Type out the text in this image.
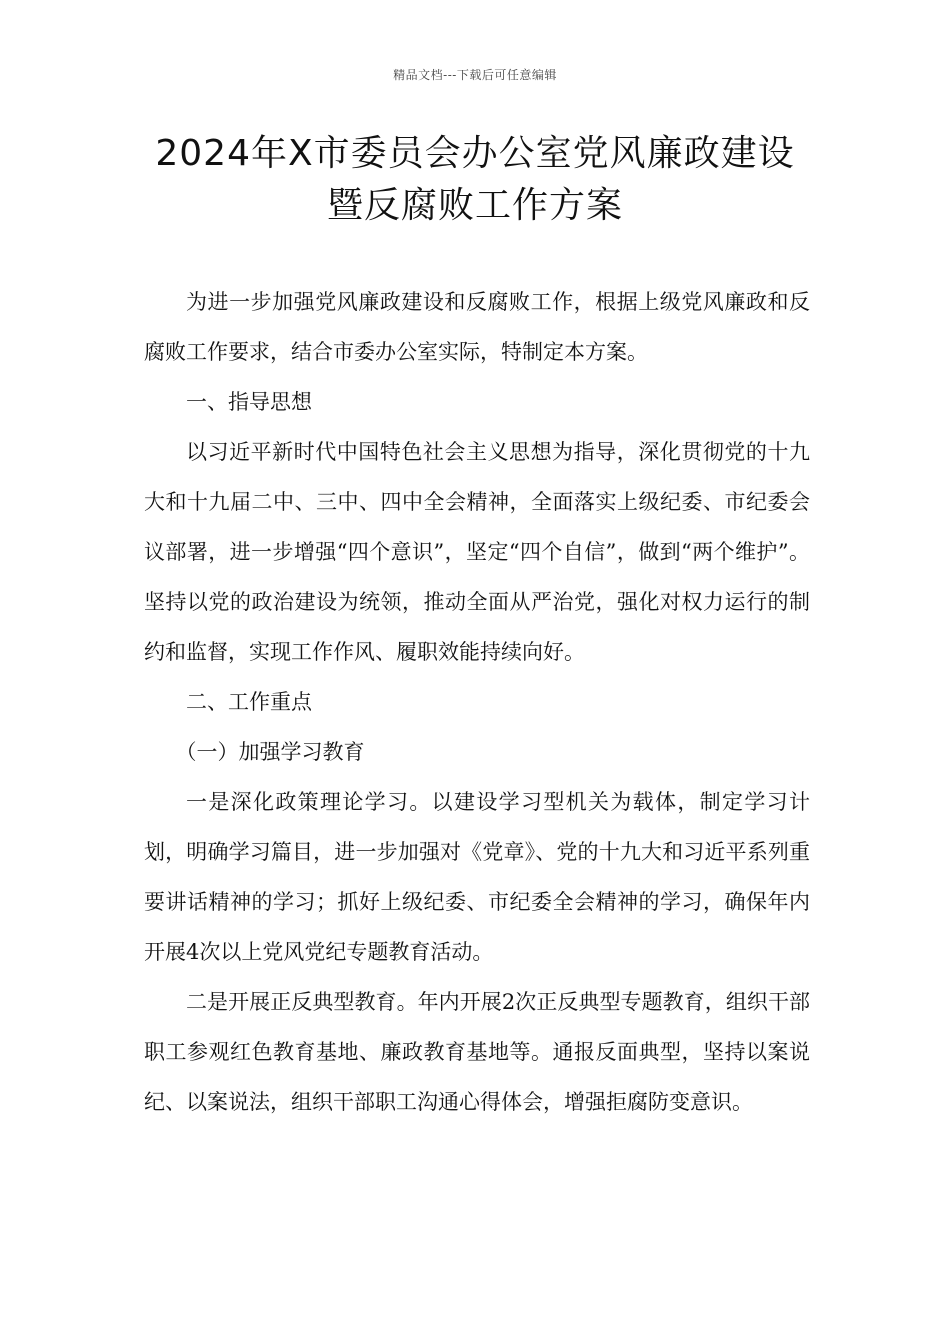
精品文档---下载后可任意编辑
2024年X市委员会办公室党风廉政建设
暨反腐败工作方案

为进一步加强党风廉政建设和反腐败工作，根据上级党风廉政和反腐败工作要求，结合市委办公室实际，特制定本方案。

一、指导思想

以习近平新时代中国特色社会主义思想为指导，深化贯彻党的十九大和十九届二中、三中、四中全会精神，全面落实上级纪委、市纪委会议部署，进一步增强“四个意识”，坚定“四个自信”，做到“两个维护”。坚持以党的政治建设为统领，推动全面从严治党，强化对权力运行的制约和监督，实现工作作风、履职效能持续向好。

二、工作重点

（一）加强学习教育

一是深化政策理论学习。以建设学习型机关为载体，制定学习计划，明确学习篇目，进一步加强对《党章》、党的十九大和习近平系列重要讲话精神的学习；抓好上级纪委、市纪委全会精神的学习，确保年内开展4次以上党风党纪专题教育活动。

二是开展正反典型教育。年内开展2次正反典型专题教育，组织干部职工参观红色教育基地、廉政教育基地等。通报反面典型，坚持以案说纪、以案说法，组织干部职工沟通心得体会，增强拒腐防变意识。
